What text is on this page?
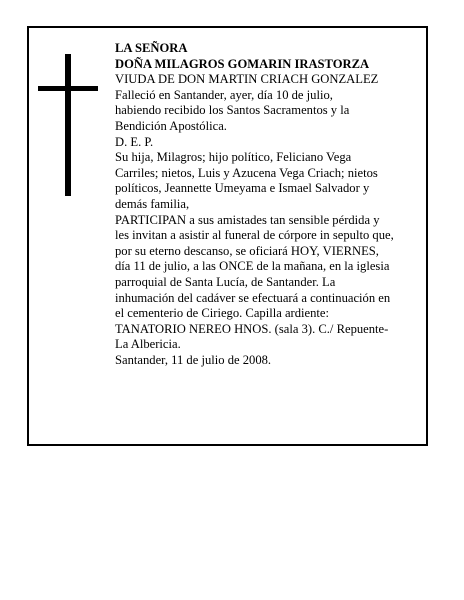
LA SEÑORA
DOÑA MILAGROS GOMARIN IRASTORZA
VIUDA DE DON MARTIN CRIACH GONZALEZ
Falleció en Santander, ayer, día 10 de julio,
habiendo recibido los Santos Sacramentos y la
Bendición Apostólica.
D. E. P.
Su hija, Milagros; hijo político, Feliciano Vega
Carriles; nietos, Luis y Azucena Vega Criach; nietos
políticos, Jeannette Umeyama e Ismael Salvador y
demás familia,
PARTICIPAN a sus amistades tan sensible pérdida y
les invitan a asistir al funeral de córpore in sepulto que,
por su eterno descanso, se oficiará HOY, VIERNES,
día 11 de julio, a las ONCE de la mañana, en la iglesia
parroquial de Santa Lucía, de Santander. La
inhumación del cadáver se efectuará a continuación en
el cementerio de Ciriego. Capilla ardiente:
TANATORIO NEREO HNOS. (sala 3). C./ Repuente-
La Albericia.
Santander, 11 de julio de 2008.
